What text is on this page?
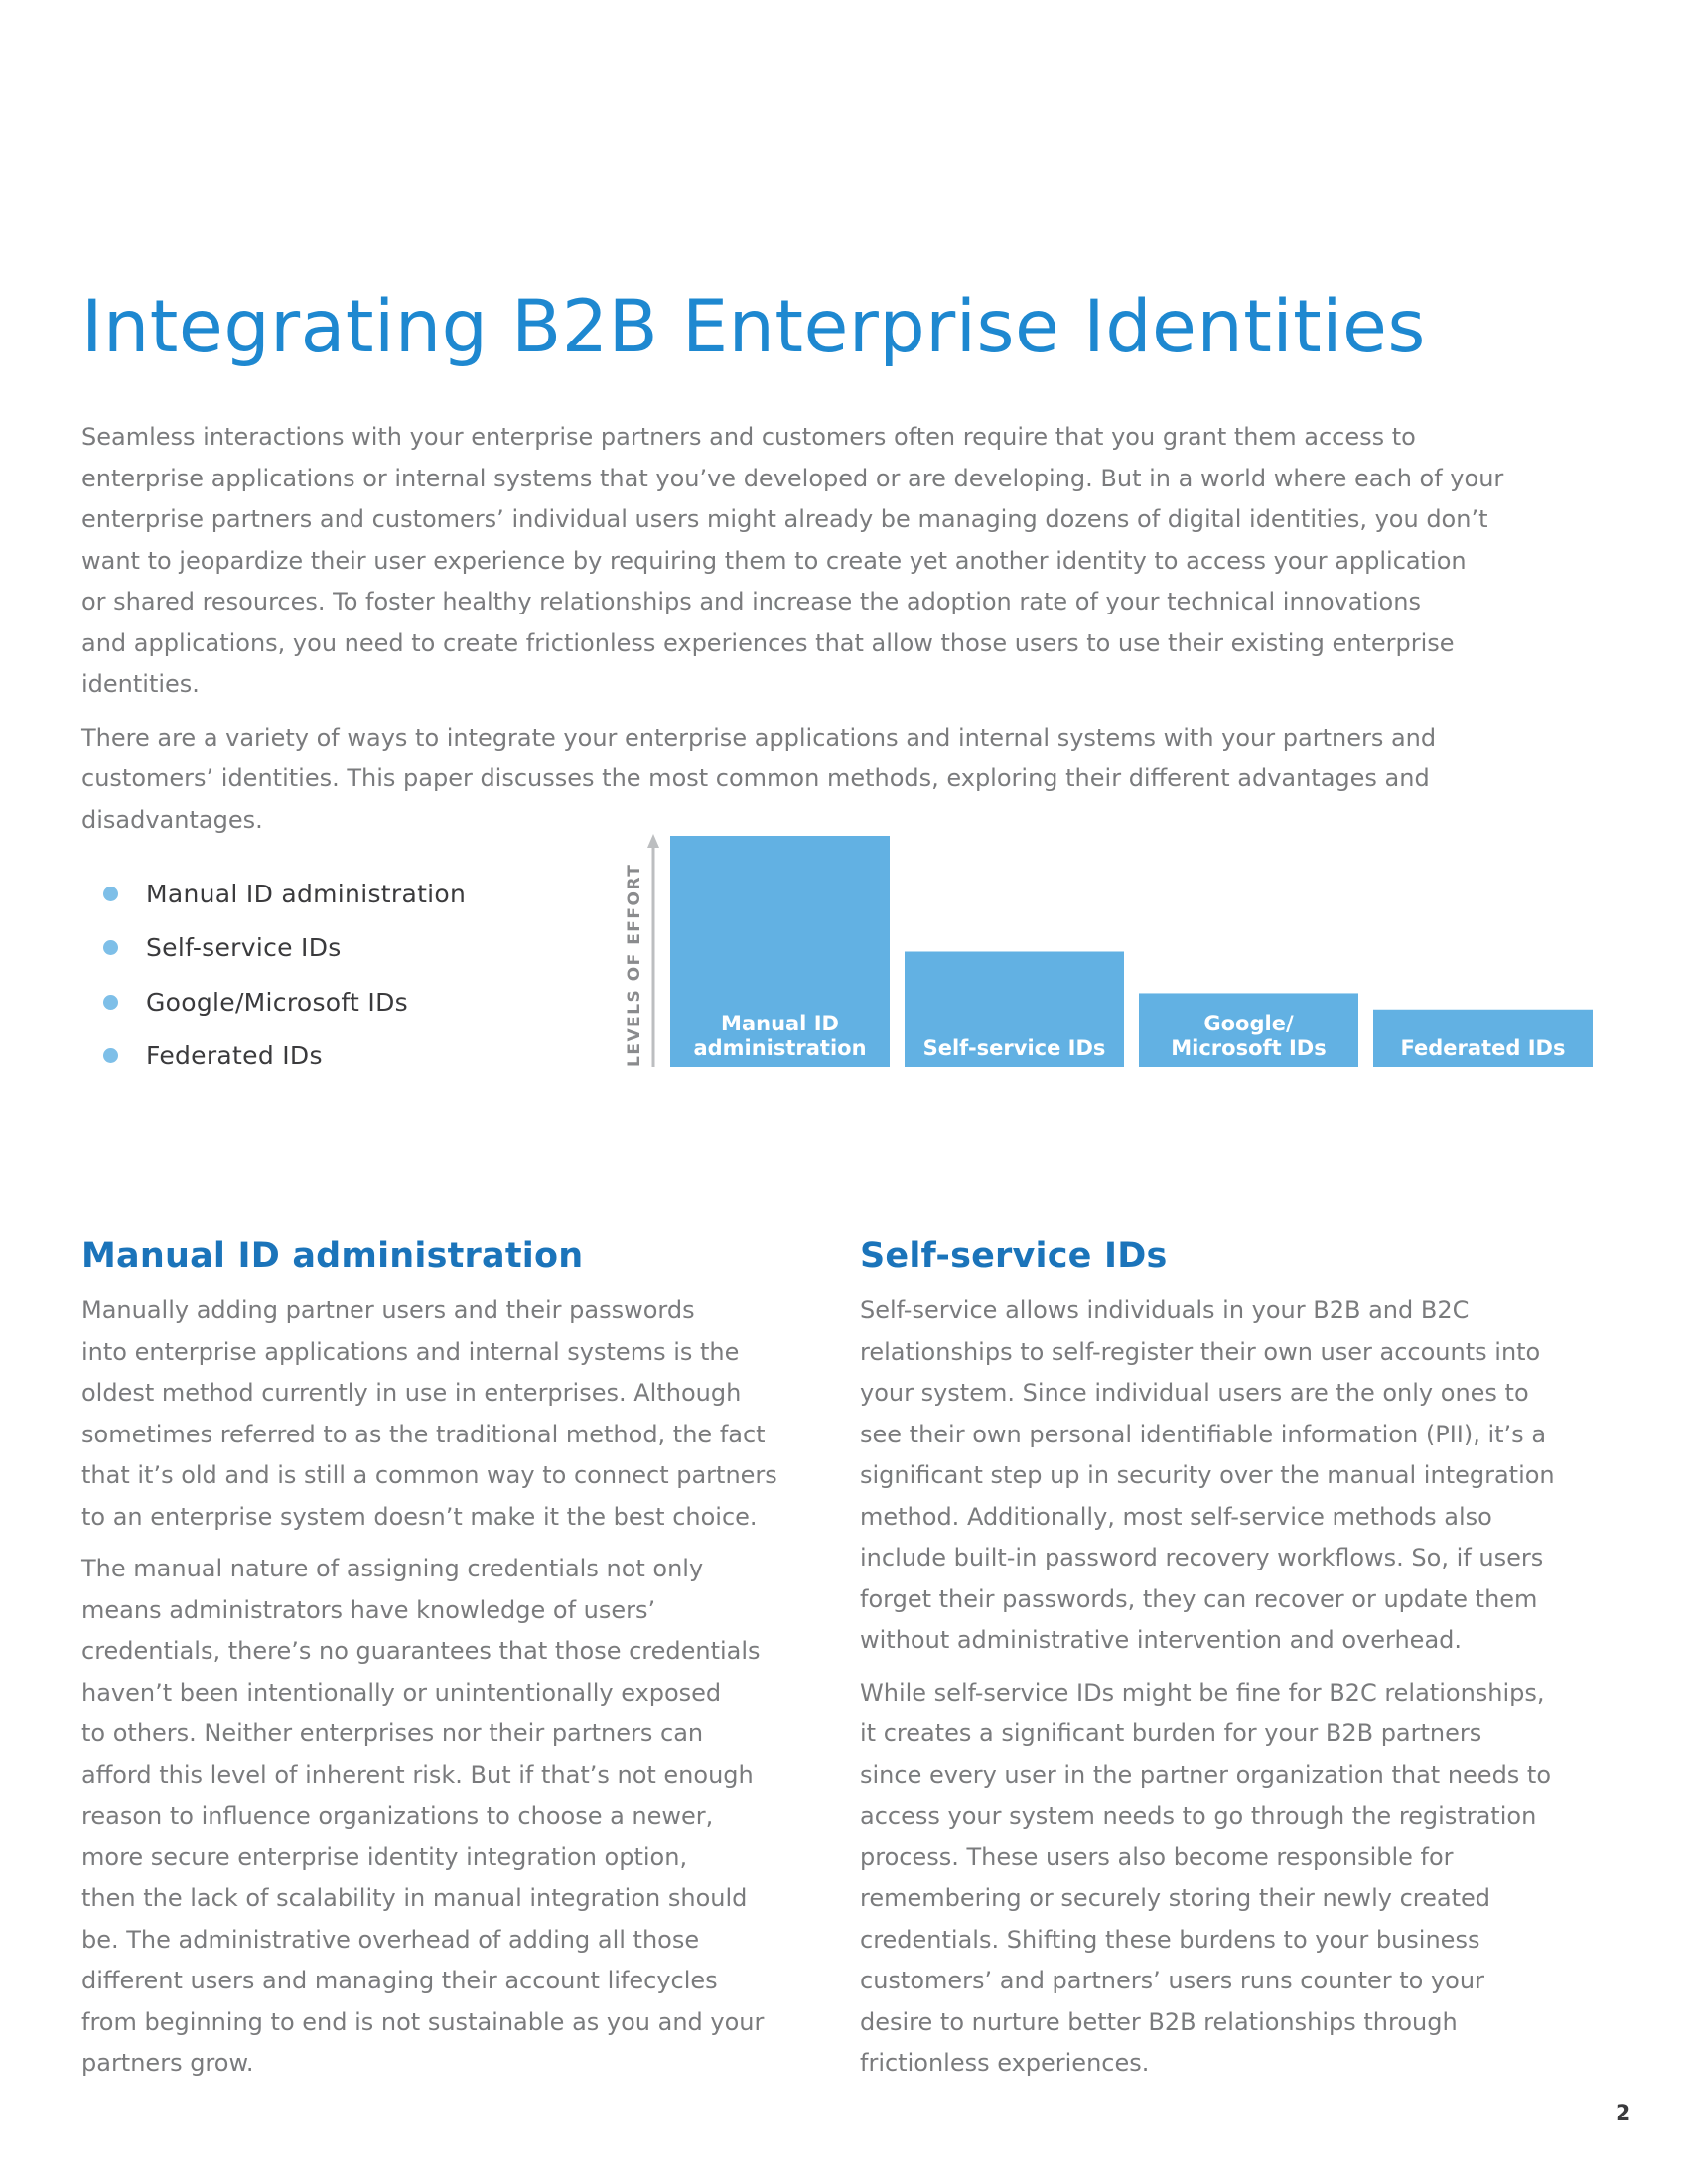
Integrating B2B Enterprise Identities

Seamless interactions with your enterprise partners and customers often require that you grant them access to
enterprise applications or internal systems that you’ve developed or are developing. But in a world where each of your
enterprise partners and customers’ individual users might already be managing dozens of digital identities, you don’t
want to jeopardize their user experience by requiring them to create yet another identity to access your application
or shared resources. To foster healthy relationships and increase the adoption rate of your technical innovations
and applications, you need to create frictionless experiences that allow those users to use their existing enterprise
identities.

There are a variety of ways to integrate your enterprise applications and internal systems with your partners and
customers’ identities. This paper discusses the most common methods, exploring their different advantages and
disadvantages.

Manual ID administration
Self-service IDs
Google/Microsoft IDs
Federated IDs	LEVELS OF EFFORT	Manual ID
administration	Self-service IDs
Google/
Microsoft IDs	Federated IDs
Manual ID administration

Manually adding partner users and their passwords
into enterprise applications and internal systems is the
oldest method currently in use in enterprises. Although
sometimes referred to as the traditional method, the fact
that it’s old and is still a common way to connect partners
to an enterprise system doesn’t make it the best choice.

The manual nature of assigning credentials not only
means administrators have knowledge of users’
credentials, there’s no guarantees that those credentials
haven’t been intentionally or unintentionally exposed
to others. Neither enterprises nor their partners can
afford this level of inherent risk. But if that’s not enough
reason to influence organizations to choose a newer,
more secure enterprise identity integration option,
then the lack of scalability in manual integration should
be. The administrative overhead of adding all those
different users and managing their account lifecycles
from beginning to end is not sustainable as you and your
partners grow.

Self-service IDs

Self-service allows individuals in your B2B and B2C
relationships to self-register their own user accounts into
your system. Since individual users are the only ones to
see their own personal identifiable information (PII), it’s a
significant step up in security over the manual integration
method. Additionally, most self-service methods also
include built-in password recovery workflows. So, if users
forget their passwords, they can recover or update them
without administrative intervention and overhead.

While self-service IDs might be fine for B2C relationships,
it creates a significant burden for your B2B partners
since every user in the partner organization that needs to
access your system needs to go through the registration
process. These users also become responsible for
remembering or securely storing their newly created
credentials. Shifting these burdens to your business
customers’ and partners’ users runs counter to your
desire to nurture better B2B relationships through
frictionless experiences.

2
